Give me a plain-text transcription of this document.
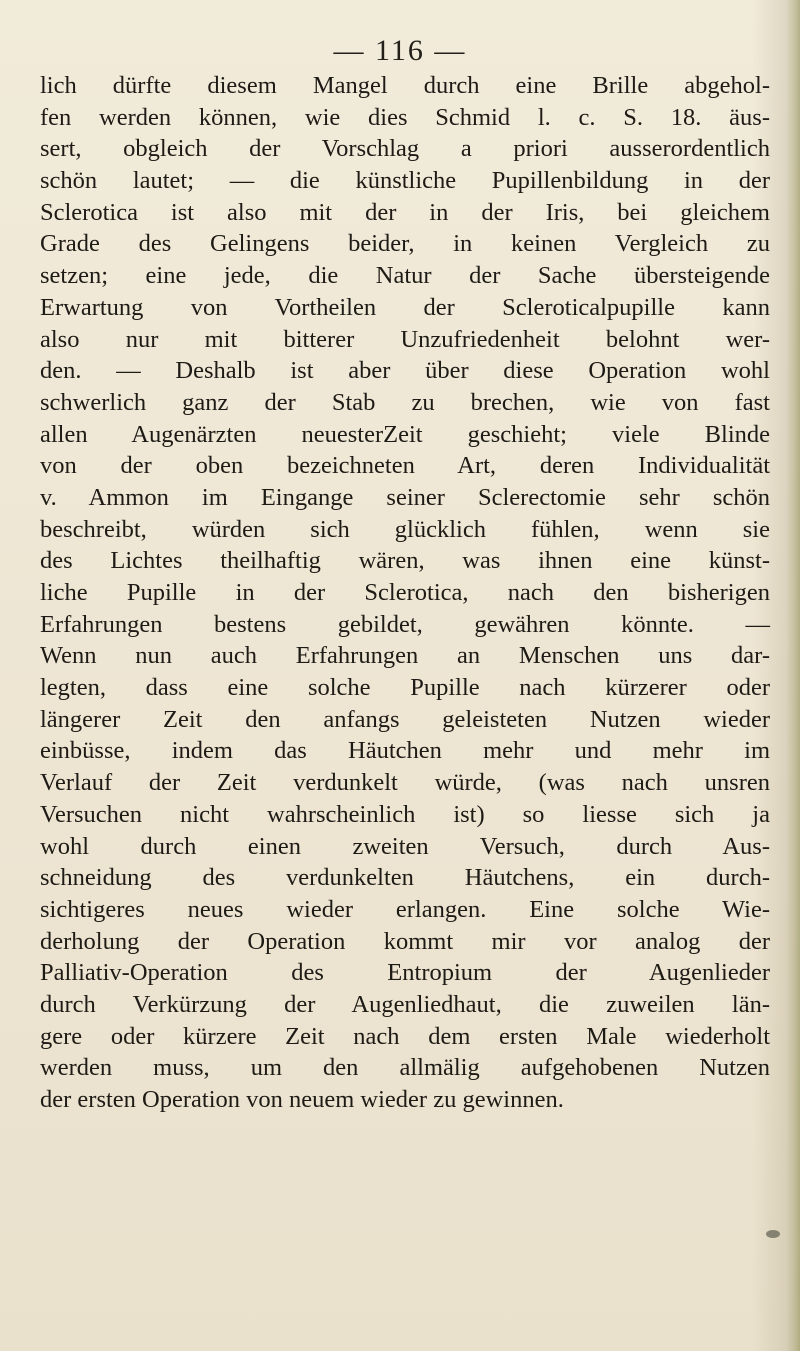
— 116 —
lich dürfte diesem Mangel durch eine Brille abgehol-
fen werden können, wie dies Schmid l. c. S. 18. äus-
sert, obgleich der Vorschlag a priori ausserordentlich
schön lautet; — die künstliche Pupillenbildung in der
Sclerotica ist also mit der in der Iris, bei gleichem
Grade des Gelingens beider, in keinen Vergleich zu
setzen; eine jede, die Natur der Sache übersteigende
Erwartung von Vortheilen der Scleroticalpupille kann
also nur mit bitterer Unzufriedenheit belohnt wer-
den. — Deshalb ist aber über diese Operation wohl
schwerlich ganz der Stab zu brechen, wie von fast
allen Augenärzten neuesterZeit geschieht; viele Blinde
von der oben bezeichneten Art, deren Individualität
v. Ammon im Eingange seiner Sclerectomie sehr schön
beschreibt, würden sich glücklich fühlen, wenn sie
des Lichtes theilhaftig wären, was ihnen eine künst-
liche Pupille in der Sclerotica, nach den bisherigen
Erfahrungen bestens gebildet, gewähren könnte. —
Wenn nun auch Erfahrungen an Menschen uns dar-
legten, dass eine solche Pupille nach kürzerer oder
längerer Zeit den anfangs geleisteten Nutzen wieder
einbüsse, indem das Häutchen mehr und mehr im
Verlauf der Zeit verdunkelt würde, (was nach unsren
Versuchen nicht wahrscheinlich ist) so liesse sich ja
wohl durch einen zweiten Versuch, durch Aus-
schneidung des verdunkelten Häutchens, ein durch-
sichtigeres neues wieder erlangen. Eine solche Wie-
derholung der Operation kommt mir vor analog der
Palliativ-Operation des Entropium der Augenlieder
durch Verkürzung der Augenliedhaut, die zuweilen län-
gere oder kürzere Zeit nach dem ersten Male wiederholt
werden muss, um den allmälig aufgehobenen Nutzen
der ersten Operation von neuem wieder zu gewinnen.
